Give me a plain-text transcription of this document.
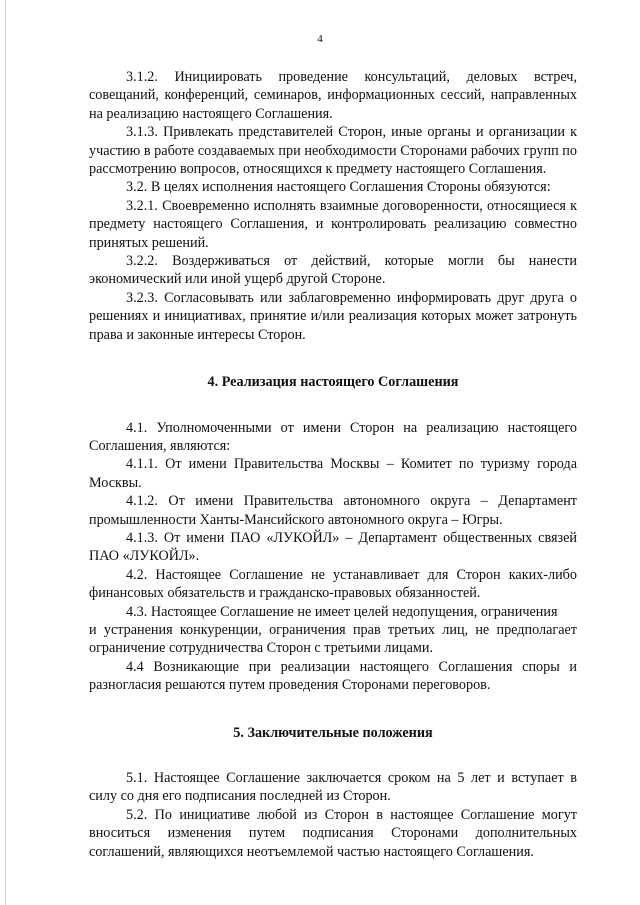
4

3.1.2. Инициировать проведение консультаций, деловых встреч, совещаний, конференций, семинаров, информационных сессий, направленных на реализацию настоящего Соглашения.

3.1.3. Привлекать представителей Сторон, иные органы и организации к участию в работе создаваемых при необходимости Сторонами рабочих групп по рассмотрению вопросов, относящихся к предмету настоящего Соглашения.

3.2. В целях исполнения настоящего Соглашения Стороны обязуются:

3.2.1. Своевременно исполнять взаимные договоренности, относящиеся к предмету настоящего Соглашения, и контролировать реализацию совместно принятых решений.

3.2.2. Воздерживаться от действий, которые могли бы нанести экономический или иной ущерб другой Стороне.

3.2.3. Согласовывать или заблаговременно информировать друг друга о решениях и инициативах, принятие и/или реализация которых может затронуть права и законные интересы Сторон.

4. Реализация настоящего Соглашения

4.1. Уполномоченными от имени Сторон на реализацию настоящего Соглашения, являются:

4.1.1. От имени Правительства Москвы – Комитет по туризму города Москвы.

4.1.2. От имени Правительства автономного округа – Департамент промышленности Ханты-Мансийского автономного округа – Югры.

4.1.3. От имени ПАО «ЛУКОЙЛ» – Департамент общественных связей ПАО «ЛУКОЙЛ».

4.2. Настоящее Соглашение не устанавливает для Сторон каких-либо финансовых обязательств и гражданско-правовых обязанностей.

4.3. Настоящее Соглашение не имеет целей недопущения, ограничения

и устранения конкуренции, ограничения прав третьих лиц, не предполагает ограничение сотрудничества Сторон с третьими лицами.

4.4 Возникающие при реализации настоящего Соглашения споры и разногласия решаются путем проведения Сторонами переговоров.

5. Заключительные положения

5.1. Настоящее Соглашение заключается сроком на 5 лет и вступает в силу со дня его подписания последней из Сторон.

5.2. По инициативе любой из Сторон в настоящее Соглашение могут вноситься изменения путем подписания Сторонами дополнительных соглашений, являющихся неотъемлемой частью настоящего Соглашения.
